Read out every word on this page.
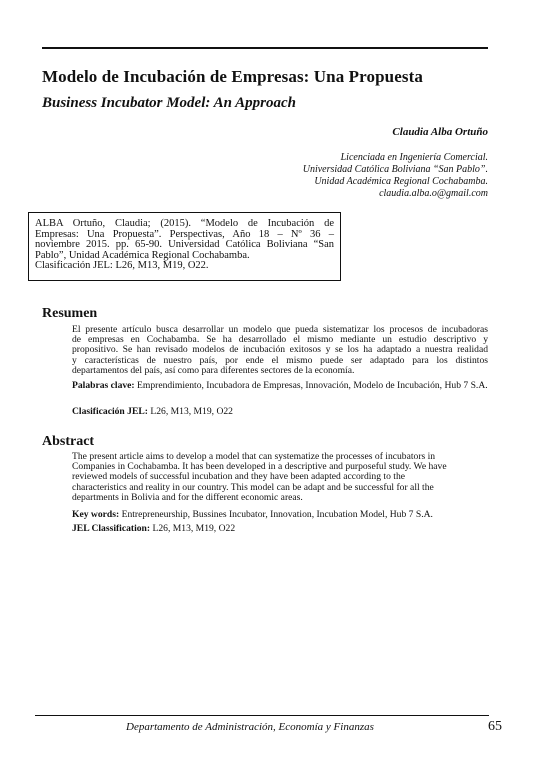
Modelo de Incubación de Empresas: Una Propuesta
Business Incubator Model: An Approach
Claudia Alba Ortuño
Licenciada en Ingeniería Comercial.
Universidad Católica Boliviana “San Pablo”.
Unidad Académica Regional Cochabamba.
claudia.alba.o@gmail.com
ALBA Ortuño, Claudia; (2015). “Modelo de Incubación de
Empresas: Una Propuesta”. Perspectivas, Año 18 – Nº 36 –
noviembre 2015. pp. 65-90. Universidad Católica Boliviana “San
Pablo”, Unidad Académica Regional Cochabamba.
Clasificación JEL: L26, M13, M19, O22.
Resumen
El presente artículo busca desarrollar un modelo que pueda sistematizar los procesos de incubadoras
de empresas en Cochabamba. Se ha desarrollado el mismo mediante un estudio descriptivo y
propositivo. Se han revisado modelos de incubación exitosos y se los ha adaptado a nuestra realidad
y características de nuestro país, por ende el mismo puede ser adaptado para los distintos
departamentos del país, así como para diferentes sectores de la economía.
Palabras clave: Emprendimiento, Incubadora de Empresas, Innovación, Modelo de Incubación, Hub 7 S.A.
Clasificación JEL: L26, M13, M19, O22
Abstract
The present article aims to develop a model that can systematize the processes of incubators in
Companies in Cochabamba. It has been developed in a descriptive and purposeful study. We have
reviewed models of successful incubation and they have been adapted according to the
characteristics and reality in our country. This model can be adapt and be successful for all the
departments in Bolivia and for the different economic areas.
Key words: Entrepreneurship, Bussines Incubator, Innovation, Incubation Model, Hub 7 S.A.
JEL Classification: L26, M13, M19, O22
Departamento de Administración, Economía y Finanzas	65
